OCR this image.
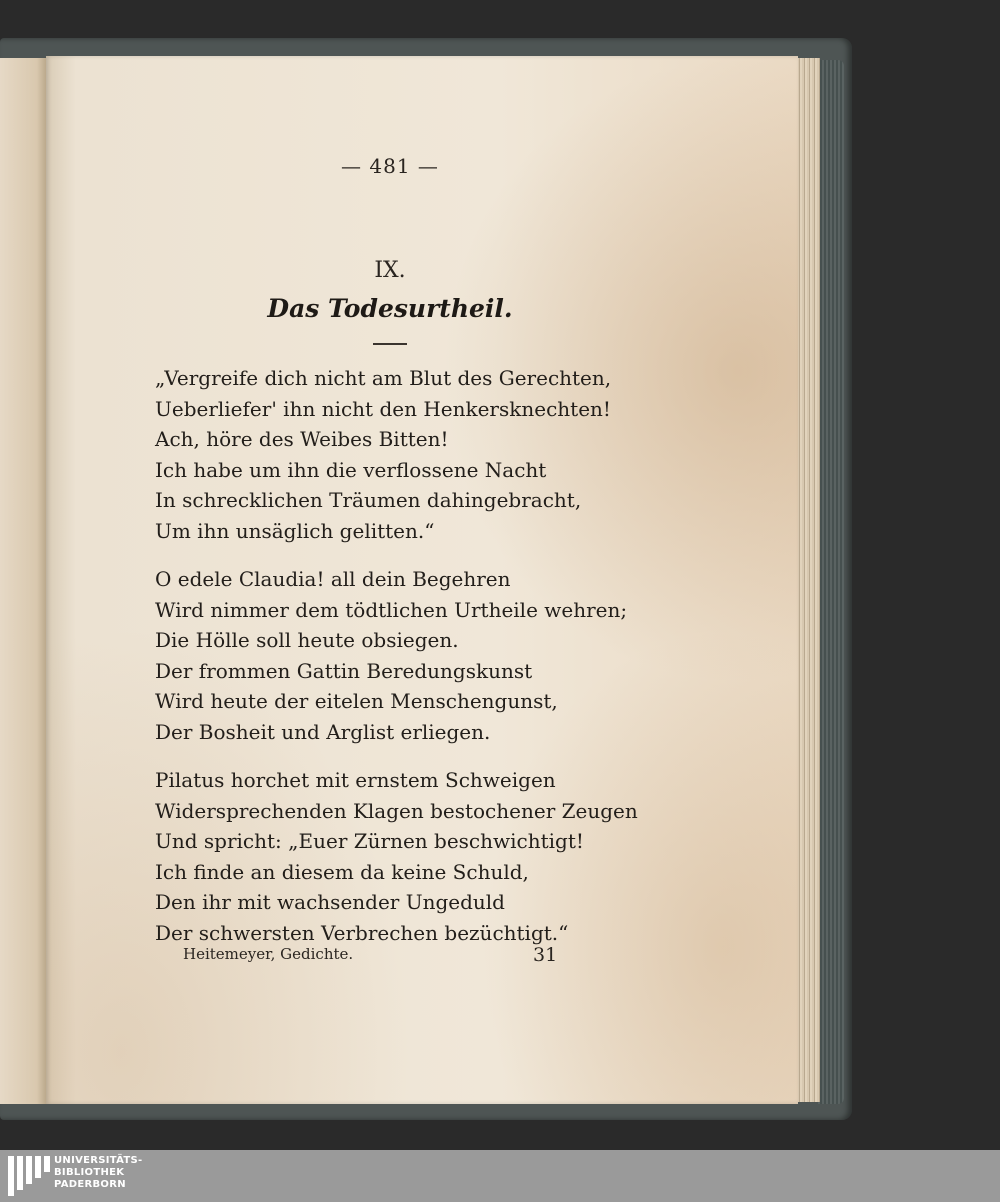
— 481 —
IX.
Das Todesurtheil.
„Vergreife dich nicht am Blut des Gerechten,
Ueberliefer' ihn nicht den Henkersknechten!
Ach, höre des Weibes Bitten!
Ich habe um ihn die verflossene Nacht
In schrecklichen Träumen dahingebracht,
Um ihn unsäglich gelitten.“
O edele Claudia! all dein Begehren
Wird nimmer dem tödtlichen Urtheile wehren;
Die Hölle soll heute obsiegen.
Der frommen Gattin Beredungskunst
Wird heute der eitelen Menschengunst,
Der Bosheit und Arglist erliegen.
Pilatus horchet mit ernstem Schweigen
Widersprechenden Klagen bestochener Zeugen
Und spricht: „Euer Zürnen beschwichtigt!
Ich finde an diesem da keine Schuld,
Den ihr mit wachsender Ungeduld
Der schwersten Verbrechen bezüchtigt.“
Heitemeyer, Gedichte.	31
UNIVERSITÄTS-
BIBLIOTHEK
PADERBORN
